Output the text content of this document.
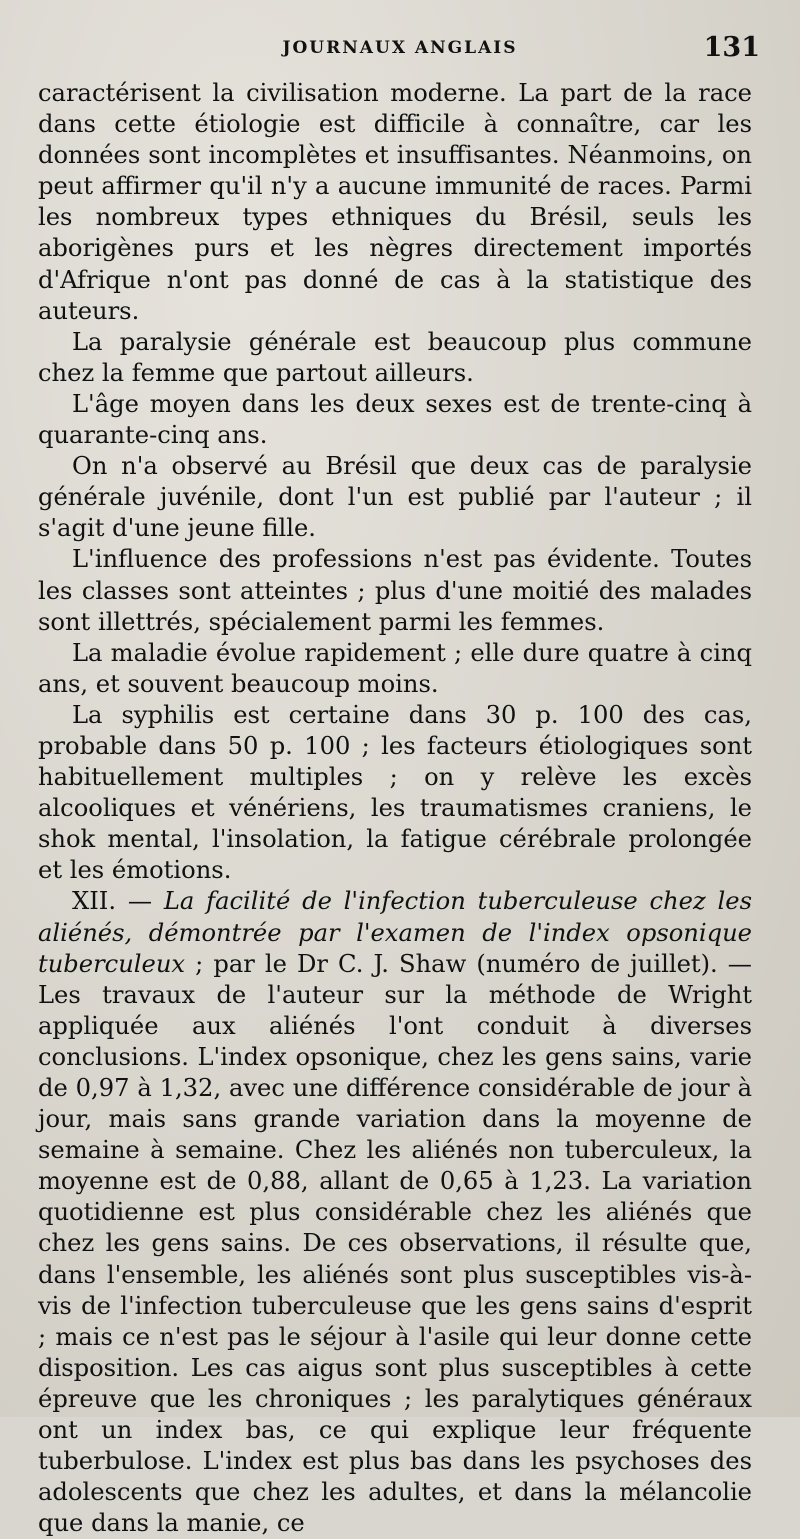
JOURNAUX ANGLAIS	131

caractérisent la civilisation moderne. La part de la race dans cette étiologie est difficile à connaître, car les données sont incomplètes et insuffisantes. Néanmoins, on peut affirmer qu'il n'y a aucune immunité de races. Parmi les nombreux types ethniques du Brésil, seuls les aborigènes purs et les nègres directement importés d'Afrique n'ont pas donné de cas à la statistique des auteurs.

La paralysie générale est beaucoup plus commune chez la femme que partout ailleurs.

L'âge moyen dans les deux sexes est de trente-cinq à quarante-cinq ans.

On n'a observé au Brésil que deux cas de paralysie générale juvénile, dont l'un est publié par l'auteur ; il s'agit d'une jeune fille.

L'influence des professions n'est pas évidente. Toutes les classes sont atteintes ; plus d'une moitié des malades sont illettrés, spécialement parmi les femmes.

La maladie évolue rapidement ; elle dure quatre à cinq ans, et souvent beaucoup moins.

La syphilis est certaine dans 30 p. 100 des cas, probable dans 50 p. 100 ; les facteurs étiologiques sont habituellement multiples ; on y relève les excès alcooliques et vénériens, les traumatismes craniens, le shok mental, l'insolation, la fatigue cérébrale prolongée et les émotions.

XII. — La facilité de l'infection tuberculeuse chez les aliénés, démontrée par l'examen de l'index opsonique tuberculeux ; par le Dr C. J. Shaw (numéro de juillet). — Les travaux de l'auteur sur la méthode de Wright appliquée aux aliénés l'ont conduit à diverses conclusions. L'index opsonique, chez les gens sains, varie de 0,97 à 1,32, avec une différence considérable de jour à jour, mais sans grande variation dans la moyenne de semaine à semaine. Chez les aliénés non tuberculeux, la moyenne est de 0,88, allant de 0,65 à 1,23. La variation quotidienne est plus considérable chez les aliénés que chez les gens sains. De ces observations, il résulte que, dans l'ensemble, les aliénés sont plus susceptibles vis-à-vis de l'infection tuberculeuse que les gens sains d'esprit ; mais ce n'est pas le séjour à l'asile qui leur donne cette disposition. Les cas aigus sont plus susceptibles à cette épreuve que les chroniques ; les paralytiques généraux ont un index bas, ce qui explique leur fréquente tuberbulose. L'index est plus bas dans les psychoses des adolescents que chez les adultes, et dans la mélancolie que dans la manie, ce
